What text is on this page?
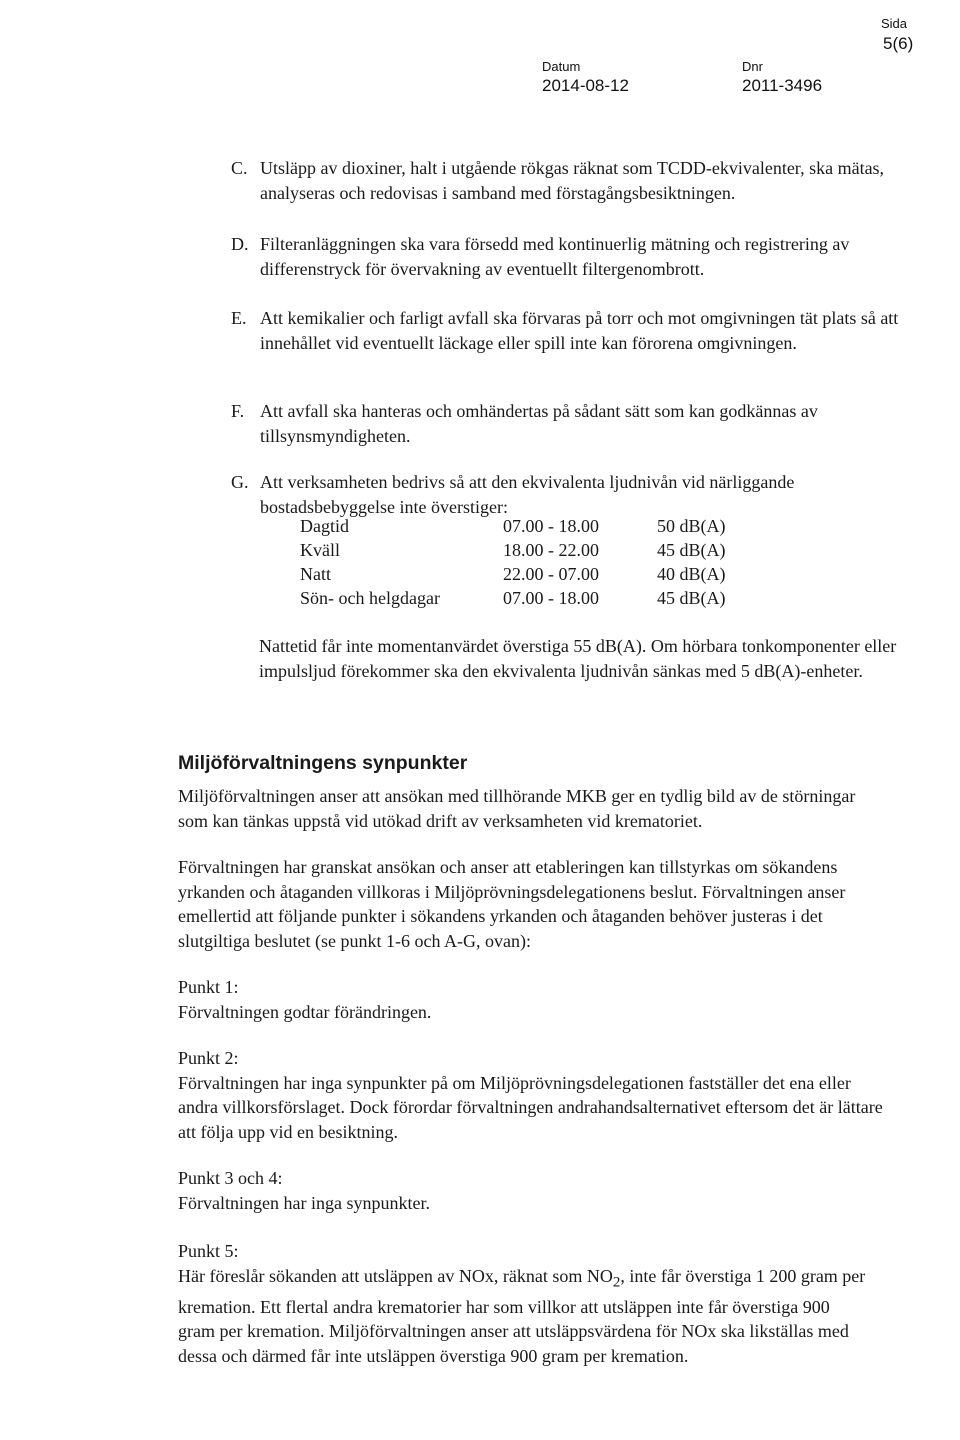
Sida
5(6)
Datum
2014-08-12
Dnr
2011-3496
C. Utsläpp av dioxiner, halt i utgående rökgas räknat som TCDD-ekvivalenter, ska mätas, analyseras och redovisas i samband med förstagångsbesiktningen.
D. Filteranläggningen ska vara försedd med kontinuerlig mätning och registrering av differenstryck för övervakning av eventuellt filtergenombrott.
E. Att kemikalier och farligt avfall ska förvaras på torr och mot omgivningen tät plats så att innehållet vid eventuellt läckage eller spill inte kan förorena omgivningen.
F. Att avfall ska hanteras och omhändertas på sådant sätt som kan godkännas av tillsynsmyndigheten.
G. Att verksamheten bedrivs så att den ekvivalenta ljudnivån vid närliggande bostadsbebyggelse inte överstiger:
Dagtid	07.00 - 18.00	50 dB(A)
Kväll	18.00 - 22.00	45 dB(A)
Natt	22.00 - 07.00	40 dB(A)
Sön- och helgdagar	07.00 - 18.00	45 dB(A)

Nattetid får inte momentanvärdet överstiga 55 dB(A). Om hörbara tonkomponenter eller impulsljud förekommer ska den ekvivalenta ljudnivån sänkas med 5 dB(A)-enheter.

Miljöförvaltningens synpunkter

Miljöförvaltningen anser att ansökan med tillhörande MKB ger en tydlig bild av de störningar som kan tänkas uppstå vid utökad drift av verksamheten vid krematoriet.

Förvaltningen har granskat ansökan och anser att etableringen kan tillstyrkas om sökandens yrkanden och åtaganden villkoras i Miljöprövningsdelegationens beslut. Förvaltningen anser emellertid att följande punkter i sökandens yrkanden och åtaganden behöver justeras i det slutgiltiga beslutet (se punkt 1-6 och A-G, ovan):

Punkt 1:

Förvaltningen godtar förändringen.

Punkt 2:

Förvaltningen har inga synpunkter på om Miljöprövningsdelegationen fastställer det ena eller andra villkorsförslaget. Dock förordar förvaltningen andrahandsalternativet eftersom det är lättare att följa upp vid en besiktning.

Punkt 3 och 4:

Förvaltningen har inga synpunkter.

Punkt 5:

Här föreslår sökanden att utsläppen av NOx, räknat som $NO_2$, inte får överstiga 1 200 gram per kremation. Ett flertal andra krematorier har som villkor att utsläppen inte får överstiga 900 gram per kremation. Miljöförvaltningen anser att utsläppsvärdena för NOx ska likställas med dessa och därmed får inte utsläppen överstiga 900 gram per kremation.
